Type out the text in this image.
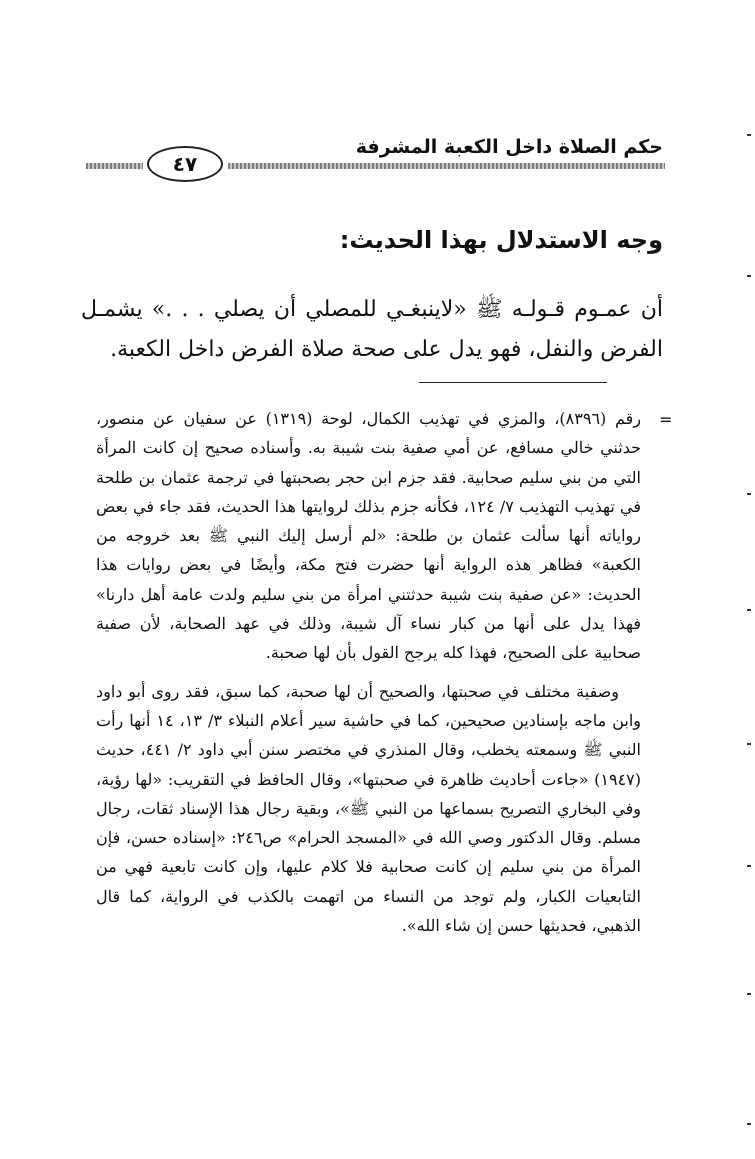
حكم الصلاة داخل الكعبة المشرفة
٤٧
وجه الاستدلال بهذا الحديث:
أن عمـوم قـولـه ﷺ «لاينبغـي للمصلي أن يصلي . . .» يشمـل الفرض والنفل، فهو يدل على صحة صلاة الفرض داخل الكعبة.
=

رقم (٨٣٩٦)، والمزي في تهذيب الكمال، لوحة (١٣١٩) عن سفيان عن منصور، حدثني خالي مسافع، عن أمي صفية بنت شيبة به. وأسناده صحيح إن كانت المرأة التي من بني سليم صحابية. فقد جزم ابن حجر بصحبتها في ترجمة عثمان بن طلحة في تهذيب التهذيب ٧/ ١٢٤، فكأنه جزم بذلك لروايتها هذا الحديث، فقد جاء في بعض رواياته أنها سألت عثمان بن طلحة: «لم أرسل إليك النبي ﷺ بعد خروجه من الكعبة» فظاهر هذه الرواية أنها حضرت فتح مكة، وأيضًا في بعض روايات هذا الحديث: «عن صفية بنت شيبة حدثتني امرأة من بني سليم ولدت عامة أهل دارنا» فهذا يدل على أنها من كبار نساء آل شيبة، وذلك في عهد الصحابة، لأن صفية صحابية على الصحيح، فهذا كله يرجح القول بأن لها صحبة.

وصفية مختلف في صحبتها، والصحيح أن لها صحبة، كما سبق، فقد روى أبو داود وابن ماجه بإسنادين صحيحين، كما في حاشية سير أعلام النبلاء ٣/ ١٣، ١٤ أنها رأت النبي ﷺ وسمعته يخطب، وقال المنذري في مختصر سنن أبي داود ٢/ ٤٤١، حديث (١٩٤٧) «جاءت أحاديث ظاهرة في صحبتها»، وقال الحافظ في التقريب: «لها رؤية، وفي البخاري التصريح بسماعها من النبي ﷺ»، وبقية رجال هذا الإسناد ثقات، رجال مسلم. وقال الدكتور وصي الله في «المسجد الحرام» ص٢٤٦: «إسناده حسن، فإن المرأة من بني سليم إن كانت صحابية فلا كلام عليها، وإن كانت تابعية فهي من التابعيات الكبار، ولم توجد من النساء من اتهمت بالكذب في الرواية، كما قال الذهبي، فحديثها حسن إن شاء الله».
